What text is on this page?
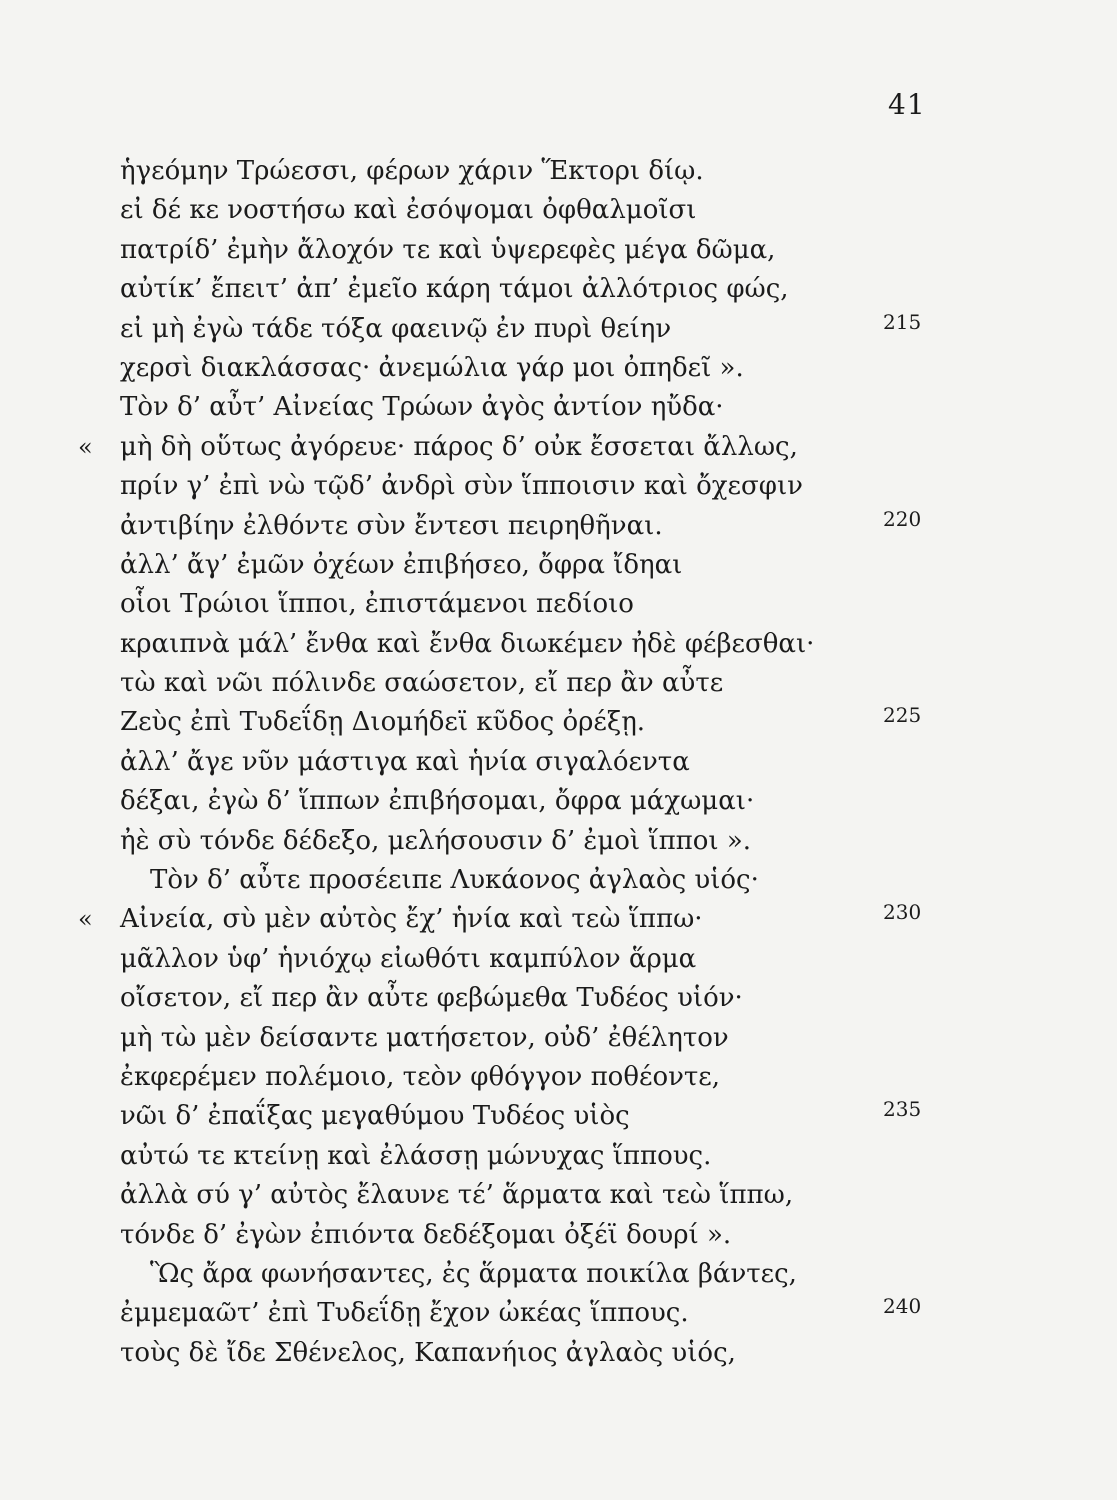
41
ἡγεόμην Τρώεσσι, φέρων χάριν Ἕκτορι δίῳ.
εἰ δέ κε νοστήσω καὶ ἐσόψομαι ὀφθαλμοῖσι
πατρίδ’ ἐμὴν ἄλοχόν τε καὶ ὑψερεφὲς μέγα δῶμα,
αὐτίκ’ ἔπειτ’ ἀπ’ ἐμεῖο κάρη τάμοι ἀλλότριος φώς,
εἰ μὴ ἐγὼ τάδε τόξα φαεινῷ ἐν πυρὶ θείην	215
χερσὶ διακλάσσας· ἀνεμώλια γάρ μοι ὀπηδεῖ ».
Τὸν δ’ αὖτ’ Αἰνείας Τρώων ἀγὸς ἀντίον ηὔδα·
« μὴ δὴ οὕτως ἀγόρευε· πάρος δ’ οὐκ ἔσσεται ἄλλως,
πρίν γ’ ἐπὶ νὼ τῷδ’ ἀνδρὶ σὺν ἵπποισιν καὶ ὄχεσφιν
ἀντιβίην ἐλθόντε σὺν ἔντεσι πειρηθῆναι.	220
ἀλλ’ ἄγ’ ἐμῶν ὀχέων ἐπιβήσεο, ὄφρα ἴδηαι
οἷοι Τρώιοι ἵπποι, ἐπιστάμενοι πεδίοιο
κραιπνὰ μάλ’ ἔνθα καὶ ἔνθα διωκέμεν ἠδὲ φέβεσθαι·
τὼ καὶ νῶι πόλινδε σαώσετον, εἴ περ ἂν αὖτε
Ζεὺς ἐπὶ Τυδεΐδῃ Διομήδεϊ κῦδος ὀρέξῃ.	225
ἀλλ’ ἄγε νῦν μάστιγα καὶ ἡνία σιγαλόεντα
δέξαι, ἐγὼ δ’ ἵππων ἐπιβήσομαι, ὄφρα μάχωμαι·
ἠὲ σὺ τόνδε δέδεξο, μελήσουσιν δ’ ἐμοὶ ἵπποι ».
Τὸν δ’ αὖτε προσέειπε Λυκάονος ἀγλαὸς υἱός·
« Αἰνεία, σὺ μὲν αὐτὸς ἔχ’ ἡνία καὶ τεὼ ἵππω·	230
μᾶλλον ὑφ’ ἡνιόχῳ εἰωθότι καμπύλον ἅρμα
οἴσετον, εἴ περ ἂν αὖτε φεβώμεθα Τυδέος υἱόν·
μὴ τὼ μὲν δείσαντε ματήσετον, οὐδ’ ἐθέλητον
ἐκφερέμεν πολέμοιο, τεὸν φθόγγον ποθέοντε,
νῶι δ’ ἐπαΐξας μεγαθύμου Τυδέος υἱὸς	235
αὐτώ τε κτείνῃ καὶ ἐλάσσῃ μώνυχας ἵππους.
ἀλλὰ σύ γ’ αὐτὸς ἔλαυνε τέ’ ἅρματα καὶ τεὼ ἵππω,
τόνδε δ’ ἐγὼν ἐπιόντα δεδέξομαι ὀξέϊ δουρί ».
Ὣς ἄρα φωνήσαντες, ἐς ἅρματα ποικίλα βάντες,
ἐμμεμαῶτ’ ἐπὶ Τυδεΐδῃ ἔχον ὠκέας ἵππους.	240
τοὺς δὲ ἴδε Σθένελος, Καπανήιος ἀγλαὸς υἱός,
